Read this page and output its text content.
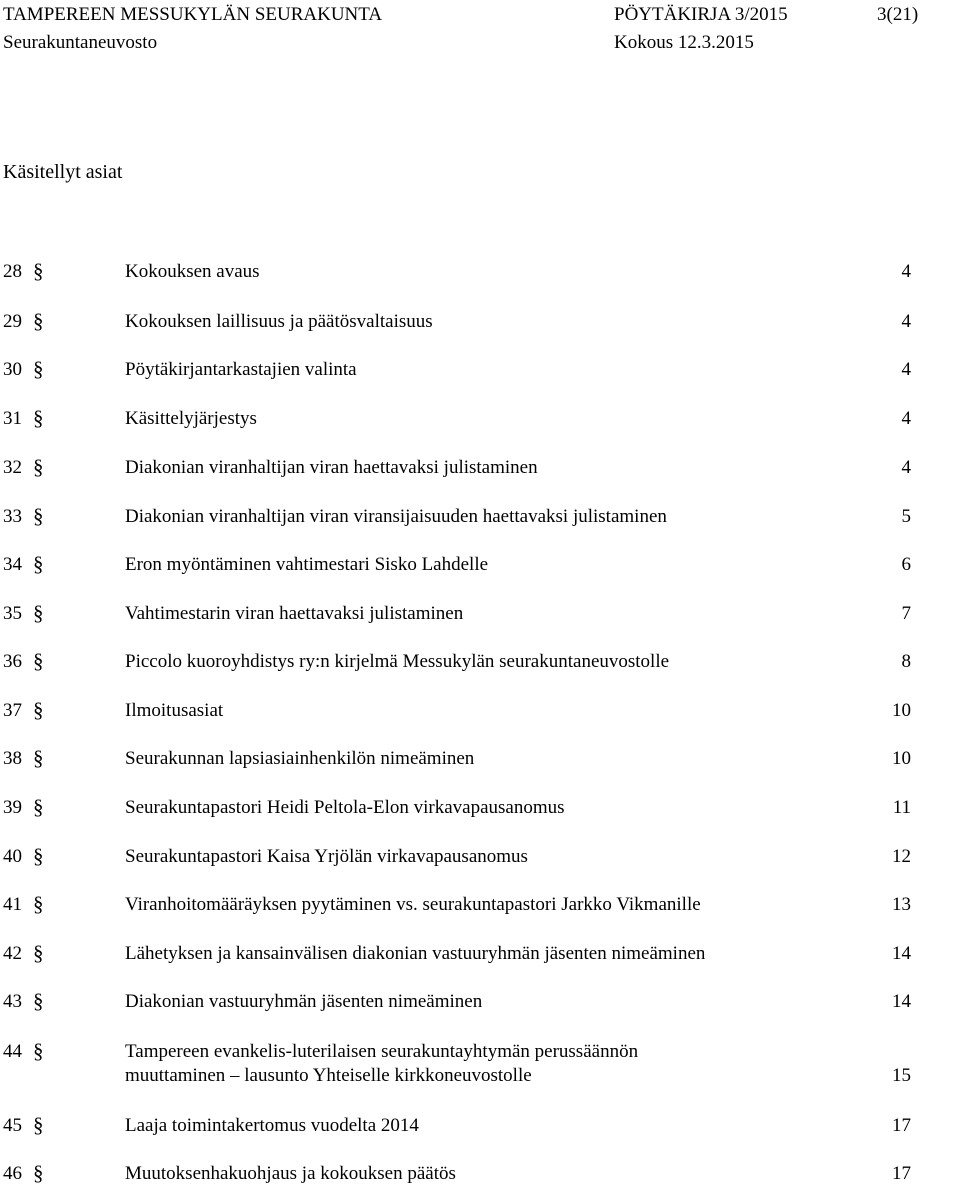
TAMPEREEN MESSUKYLÄN SEURAKUNTA	PÖYTÄKIRJA 3/2015	3(21)
Seurakuntaneuvosto	Kokous 12.3.2015
Käsitellyt asiat
28 §	Kokouksen avaus	4
29 §	Kokouksen laillisuus ja päätösvaltaisuus	4
30 §	Pöytäkirjantarkastajien valinta	4
31 §	Käsittelyjärjestys	4
32 §	Diakonian viranhaltijan viran haettavaksi julistaminen	4
33 §	Diakonian viranhaltijan viran viransijaisuuden haettavaksi julistaminen	5
34 §	Eron myöntäminen vahtimestari Sisko Lahdelle	6
35 §	Vahtimestarin viran haettavaksi julistaminen	7
36 §	Piccolo kuoroyhdistys ry:n kirjelmä Messukylän seurakuntaneuvostolle	8
37 §	Ilmoitusasiat	10
38 §	Seurakunnan lapsiasiainhenkilön nimeäminen	10
39 §	Seurakuntapastori Heidi Peltola-Elon virkavapausanomus	11
40 §	Seurakuntapastori Kaisa Yrjölän virkavapausanomus	12
41 §	Viranhoitomääräyksen pyytäminen vs. seurakuntapastori Jarkko Vikmanille	13
42 §	Lähetyksen ja kansainvälisen diakonian vastuuryhmän jäsenten nimeäminen	14
43 §	Diakonian vastuuryhmän jäsenten nimeäminen	14
44 §	Tampereen evankelis-luterilaisen seurakuntayhtymän perussäännön
muuttaminen – lausunto Yhteiselle kirkkoneuvostolle	15
45 §	Laaja toimintakertomus vuodelta 2014	17
46 §	Muutoksenhakuohjaus ja kokouksen päätös	17
